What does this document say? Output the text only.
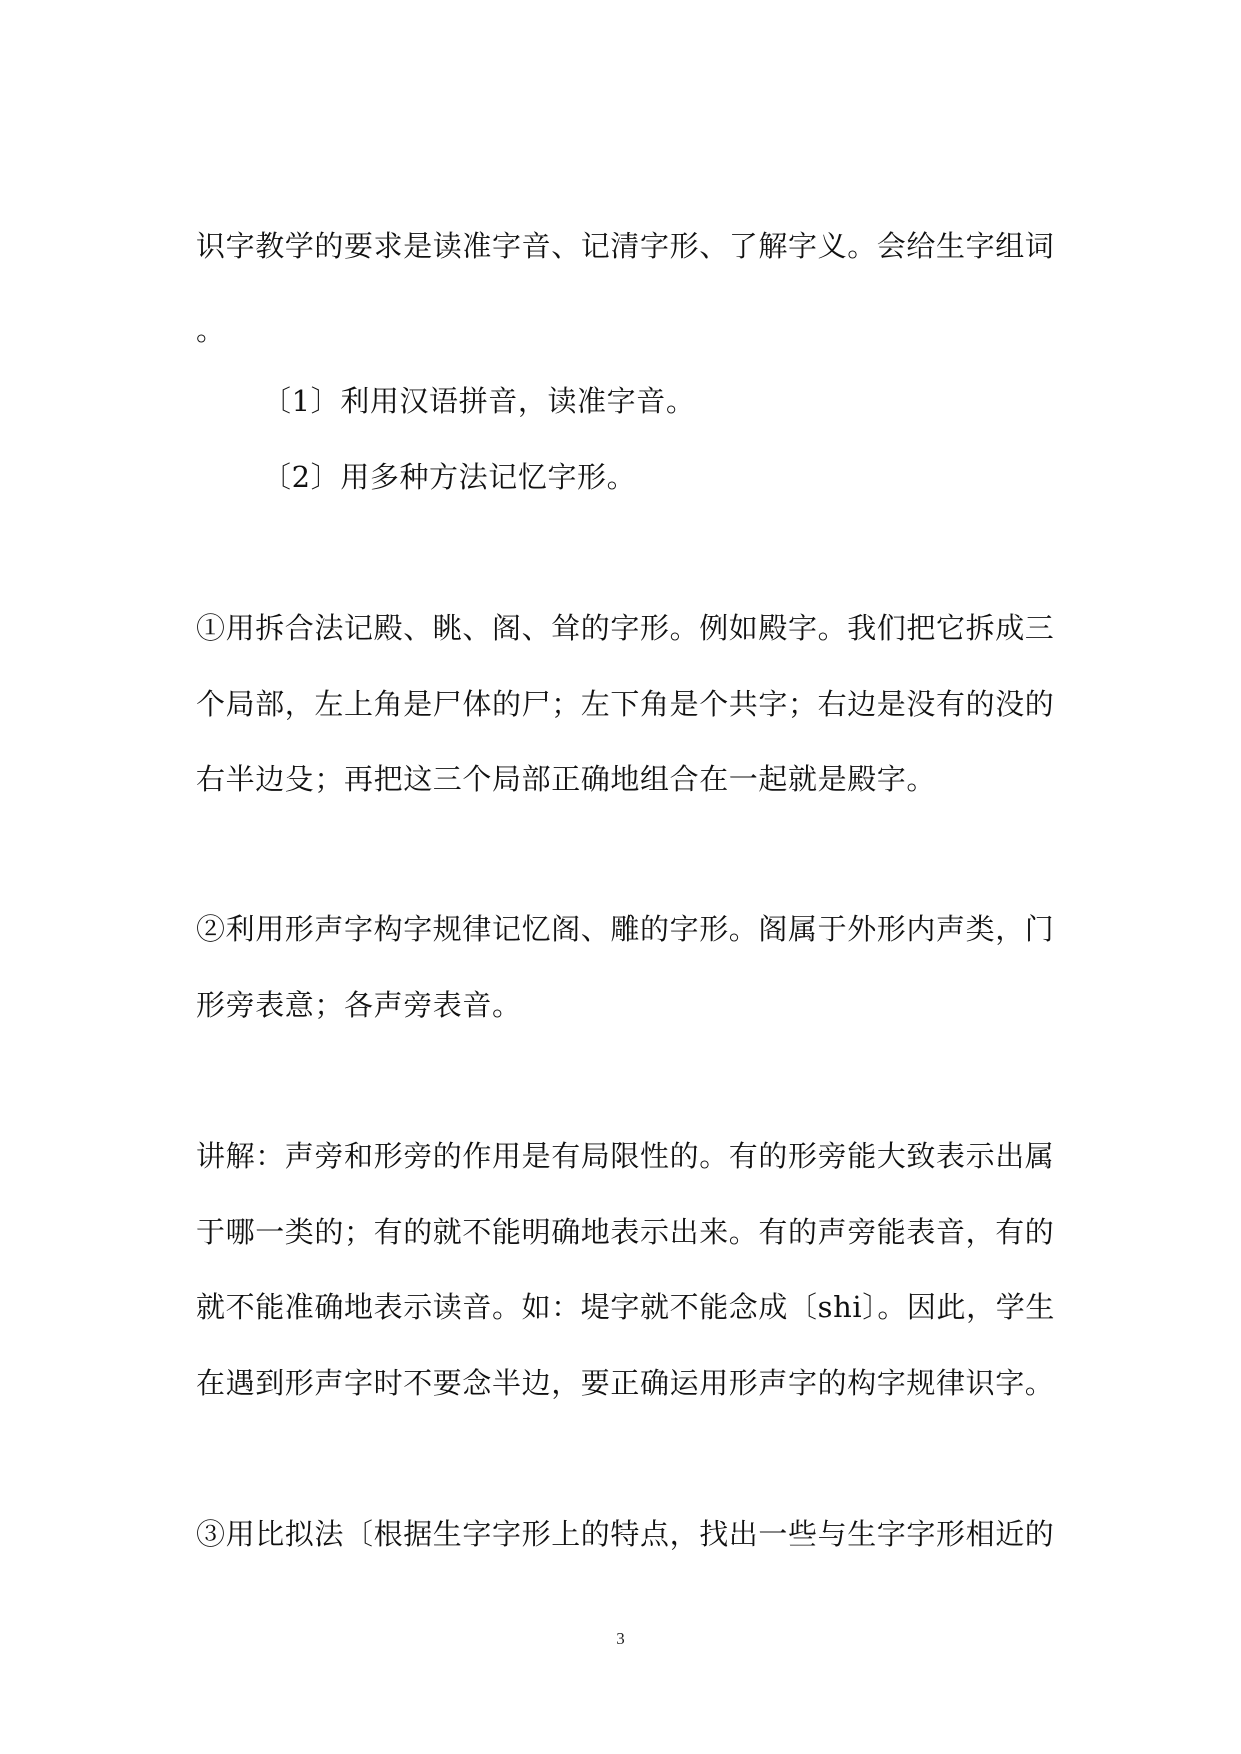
识字教学的要求是读准字音、记清字形、了解字义。会给生字组词
。
〔1〕利用汉语拼音，读准字音。
〔2〕用多种方法记忆字形。
①用拆合法记殿、眺、阁、耸的字形。例如殿字。我们把它拆成三
个局部，左上角是尸体的尸；左下角是个共字；右边是没有的没的
右半边殳；再把这三个局部正确地组合在一起就是殿字。
②利用形声字构字规律记忆阁、雕的字形。阁属于外形内声类，门
形旁表意；各声旁表音。
讲解：声旁和形旁的作用是有局限性的。有的形旁能大致表示出属
于哪一类的；有的就不能明确地表示出来。有的声旁能表音，有的
就不能准确地表示读音。如：堤字就不能念成〔shi〕。因此，学生
在遇到形声字时不要念半边，要正确运用形声字的构字规律识字。
③用比拟法〔根据生字字形上的特点，找出一些与生字字形相近的
3
